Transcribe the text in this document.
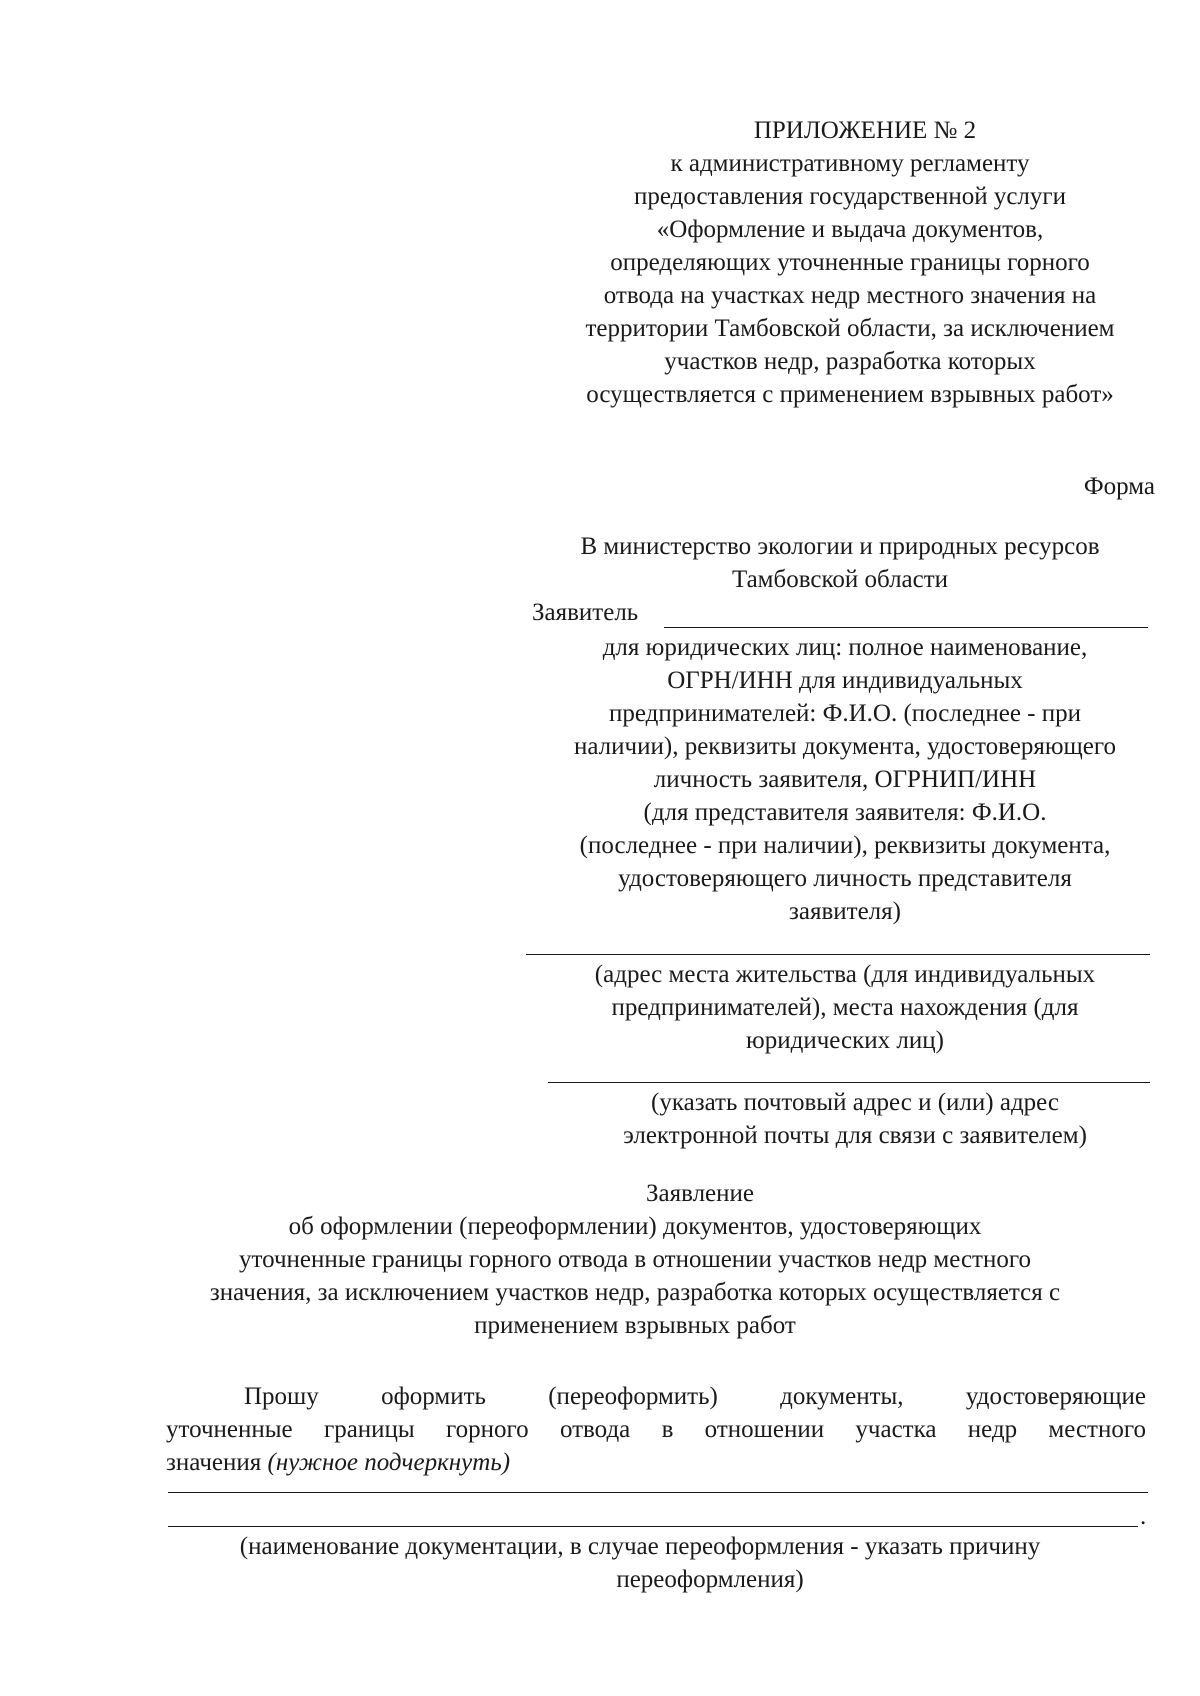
ПРИЛОЖЕНИЕ № 2
к административному регламенту
предоставления государственной услуги
«Оформление и выдача документов,
определяющих уточненные границы горного
отвода на участках недр местного значения на
территории Тамбовской области, за исключением
участков недр, разработка которых
осуществляется с применением взрывных работ»
Форма
В министерство экологии и природных ресурсов
Тамбовской области
Заявитель
для юридических лиц: полное наименование,
ОГРН/ИНН для индивидуальных
предпринимателей: Ф.И.О. (последнее - при
наличии), реквизиты документа, удостоверяющего
личность заявителя, ОГРНИП/ИНН
(для представителя заявителя: Ф.И.О.
(последнее - при наличии), реквизиты документа,
удостоверяющего личность представителя
заявителя)
(адрес места жительства (для индивидуальных
предпринимателей), места нахождения (для
юридических лиц)
(указать почтовый адрес и (или) адрес
электронной почты для связи с заявителем)
Заявление
об оформлении (переоформлении) документов, удостоверяющих
уточненные границы горного отвода в отношении участков недр местного
значения, за исключением участков недр, разработка которых осуществляется с
применением взрывных работ
Прошу оформить (переоформить) документы, удостоверяющие
уточненные границы горного отвода в отношении участка недр местного
значения (нужное подчеркнуть)
.
(наименование документации, в случае переоформления - указать причину
переоформления)
